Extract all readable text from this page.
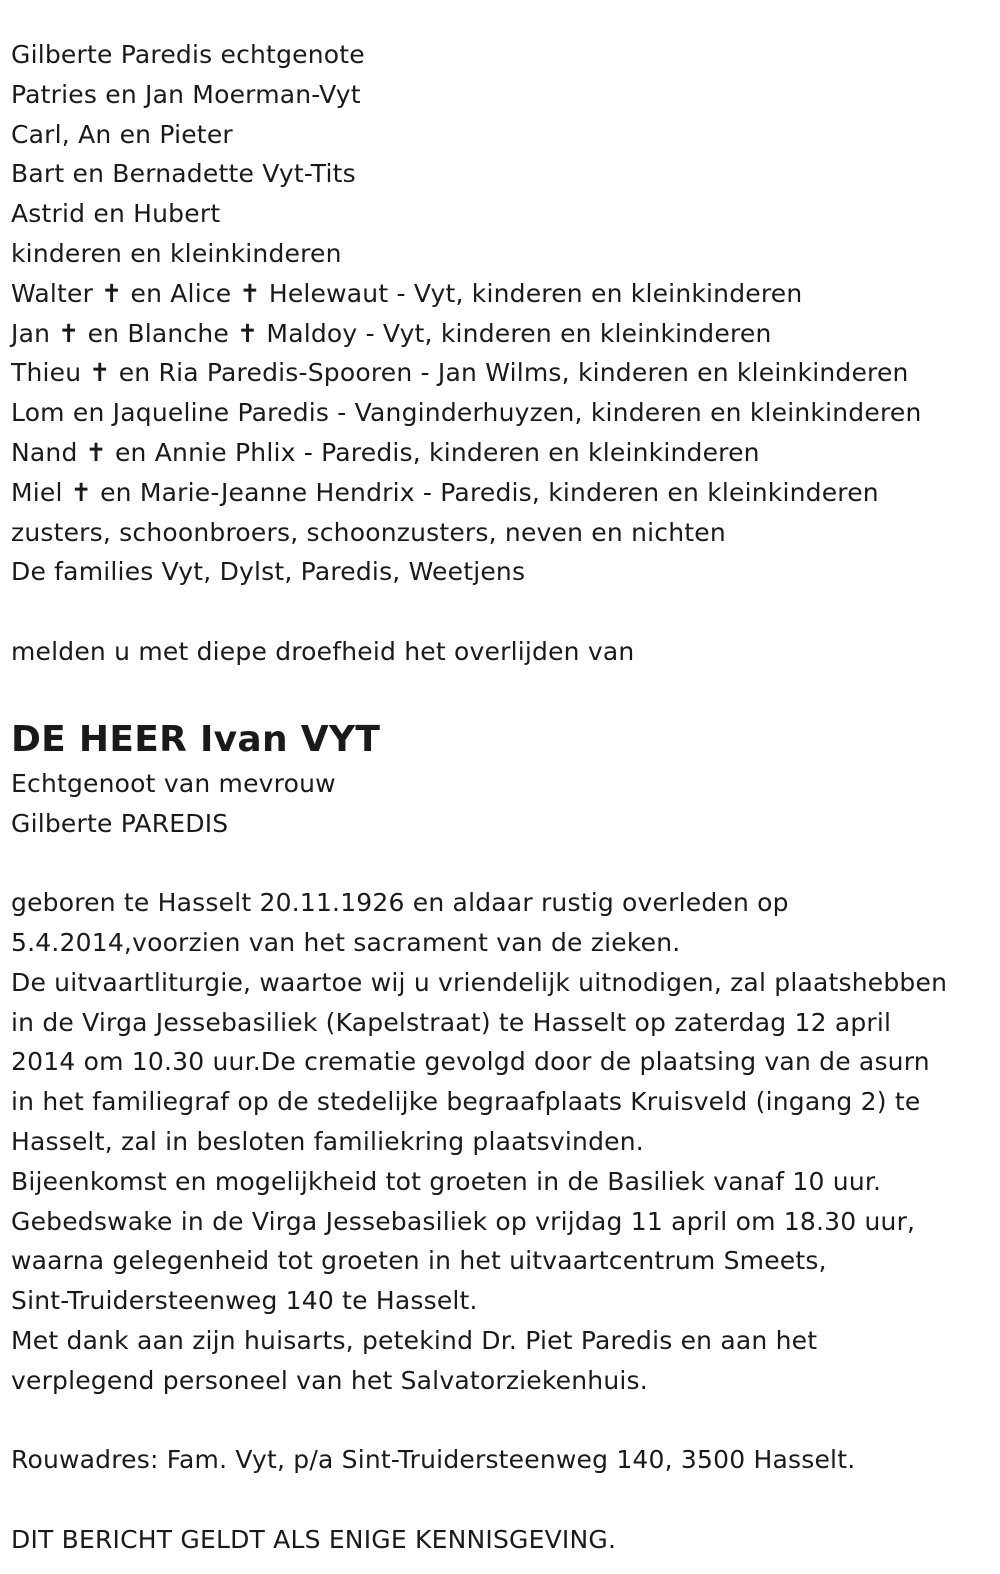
Gilberte Paredis echtgenote
Patries en Jan Moerman-Vyt
Carl, An en Pieter
Bart en Bernadette Vyt-Tits
Astrid en Hubert
kinderen en kleinkinderen
Walter ✝ en Alice ✝ Helewaut - Vyt, kinderen en kleinkinderen
Jan ✝ en Blanche ✝ Maldoy - Vyt, kinderen en kleinkinderen
Thieu ✝ en Ria Paredis-Spooren - Jan Wilms, kinderen en kleinkinderen
Lom en Jaqueline Paredis - Vanginderhuyzen, kinderen en kleinkinderen
Nand ✝ en Annie Phlix - Paredis, kinderen en kleinkinderen
Miel ✝ en Marie-Jeanne Hendrix - Paredis, kinderen en kleinkinderen
zusters, schoonbroers, schoonzusters, neven en nichten
De families Vyt, Dylst, Paredis, Weetjens
melden u met diepe droefheid het overlijden van
DE HEER Ivan VYT
Echtgenoot van mevrouw
Gilberte PAREDIS
geboren te Hasselt 20.11.1926 en aldaar rustig overleden op
5.4.2014,voorzien van het sacrament van de zieken.
De uitvaartliturgie, waartoe wij u vriendelijk uitnodigen, zal plaatshebben
in de Virga Jessebasiliek (Kapelstraat) te Hasselt op zaterdag 12 april
2014 om 10.30 uur.De crematie gevolgd door de plaatsing van de asurn
in het familiegraf op de stedelijke begraafplaats Kruisveld (ingang 2) te
Hasselt, zal in besloten familiekring plaatsvinden.
Bijeenkomst en mogelijkheid tot groeten in de Basiliek vanaf 10 uur.
Gebedswake in de Virga Jessebasiliek op vrijdag 11 april om 18.30 uur,
waarna gelegenheid tot groeten in het uitvaartcentrum Smeets,
Sint-Truidersteenweg 140 te Hasselt.
Met dank aan zijn huisarts, petekind Dr. Piet Paredis en aan het
verplegend personeel van het Salvatorziekenhuis.
Rouwadres: Fam. Vyt, p/a Sint-Truidersteenweg 140, 3500 Hasselt.
DIT BERICHT GELDT ALS ENIGE KENNISGEVING.
